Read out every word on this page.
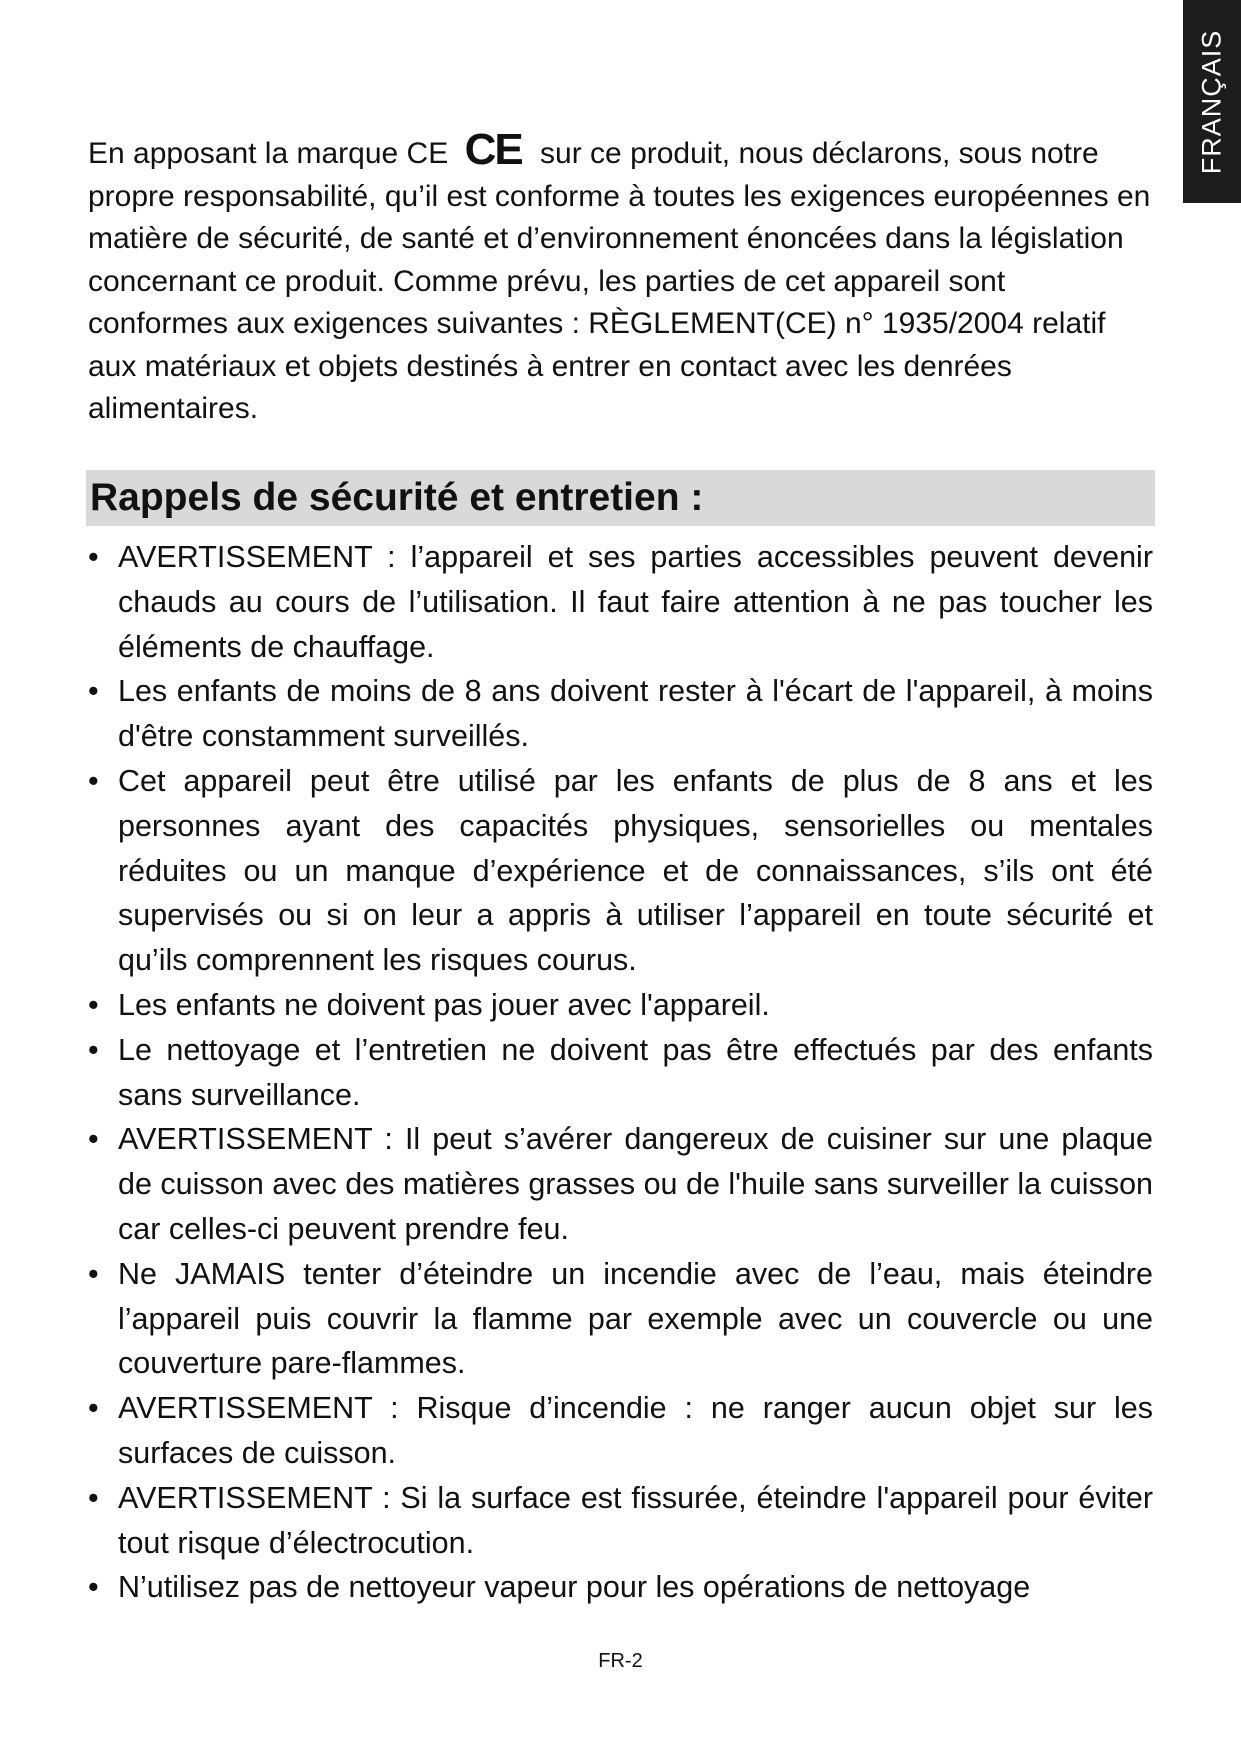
FRANÇAIS

En apposant la marque CE CE sur ce produit, nous déclarons, sous notre propre responsabilité, qu’il est conforme à toutes les exigences européennes en matière de sécurité, de santé et d’environnement énoncées dans la législation concernant ce produit. Comme prévu, les parties de cet appareil sont conformes aux exigences suivantes : RÈGLEMENT(CE) n° 1935/2004 relatif aux matériaux et objets destinés à entrer en contact avec les denrées alimentaires.

Rappels de sécurité et entretien :
• AVERTISSEMENT : l’appareil et ses parties accessibles peuvent devenir chauds au cours de l’utilisation. Il faut faire attention à ne pas toucher les éléments de chauffage.
• Les enfants de moins de 8 ans doivent rester à l'écart de l'appareil, à moins d'être constamment surveillés.
• Cet appareil peut être utilisé par les enfants de plus de 8 ans et les personnes ayant des capacités physiques, sensorielles ou mentales réduites ou un manque d’expérience et de connaissances, s’ils ont été supervisés ou si on leur a appris à utiliser l’appareil en toute sécurité et qu’ils comprennent les risques courus.
• Les enfants ne doivent pas jouer avec l'appareil.
• Le nettoyage et l’entretien ne doivent pas être effectués par des enfants sans surveillance.
• AVERTISSEMENT : Il peut s’avérer dangereux de cuisiner sur une plaque de cuisson avec des matières grasses ou de l'huile sans surveiller la cuisson car celles-ci peuvent prendre feu.
• Ne JAMAIS tenter d’éteindre un incendie avec de l’eau, mais éteindre l’appareil puis couvrir la flamme par exemple avec un couvercle ou une couverture pare-flammes.
• AVERTISSEMENT : Risque d’incendie : ne ranger aucun objet sur les surfaces de cuisson.
• AVERTISSEMENT : Si la surface est fissurée, éteindre l'appareil pour éviter tout risque d’électrocution.
• N’utilisez pas de nettoyeur vapeur pour les opérations de nettoyage
FR-2
